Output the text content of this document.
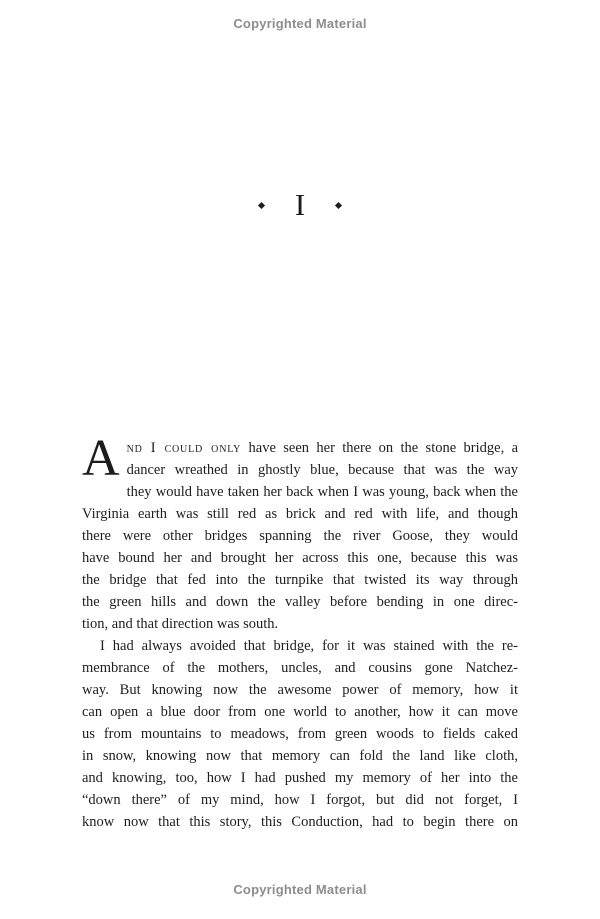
Copyrighted Material
I
A nd I could only have seen her there on the stone bridge, a
dancer wreathed in ghostly blue, because that was the way
they would have taken her back when I was young, back when the
Virginia earth was still red as brick and red with life, and though
there were other bridges spanning the river Goose, they would
have bound her and brought her across this one, because this was
the bridge that fed into the turnpike that twisted its way through
the green hills and down the valley before bending in one direc-
tion, and that direction was south.
I had always avoided that bridge, for it was stained with the re-
membrance of the mothers, uncles, and cousins gone Natchez-
way. But knowing now the awesome power of memory, how it
can open a blue door from one world to another, how it can move
us from mountains to meadows, from green woods to fields caked
in snow, knowing now that memory can fold the land like cloth,
and knowing, too, how I had pushed my memory of her into the
“down there” of my mind, how I forgot, but did not forget, I
know now that this story, this Conduction, had to begin there on
Copyrighted Material
